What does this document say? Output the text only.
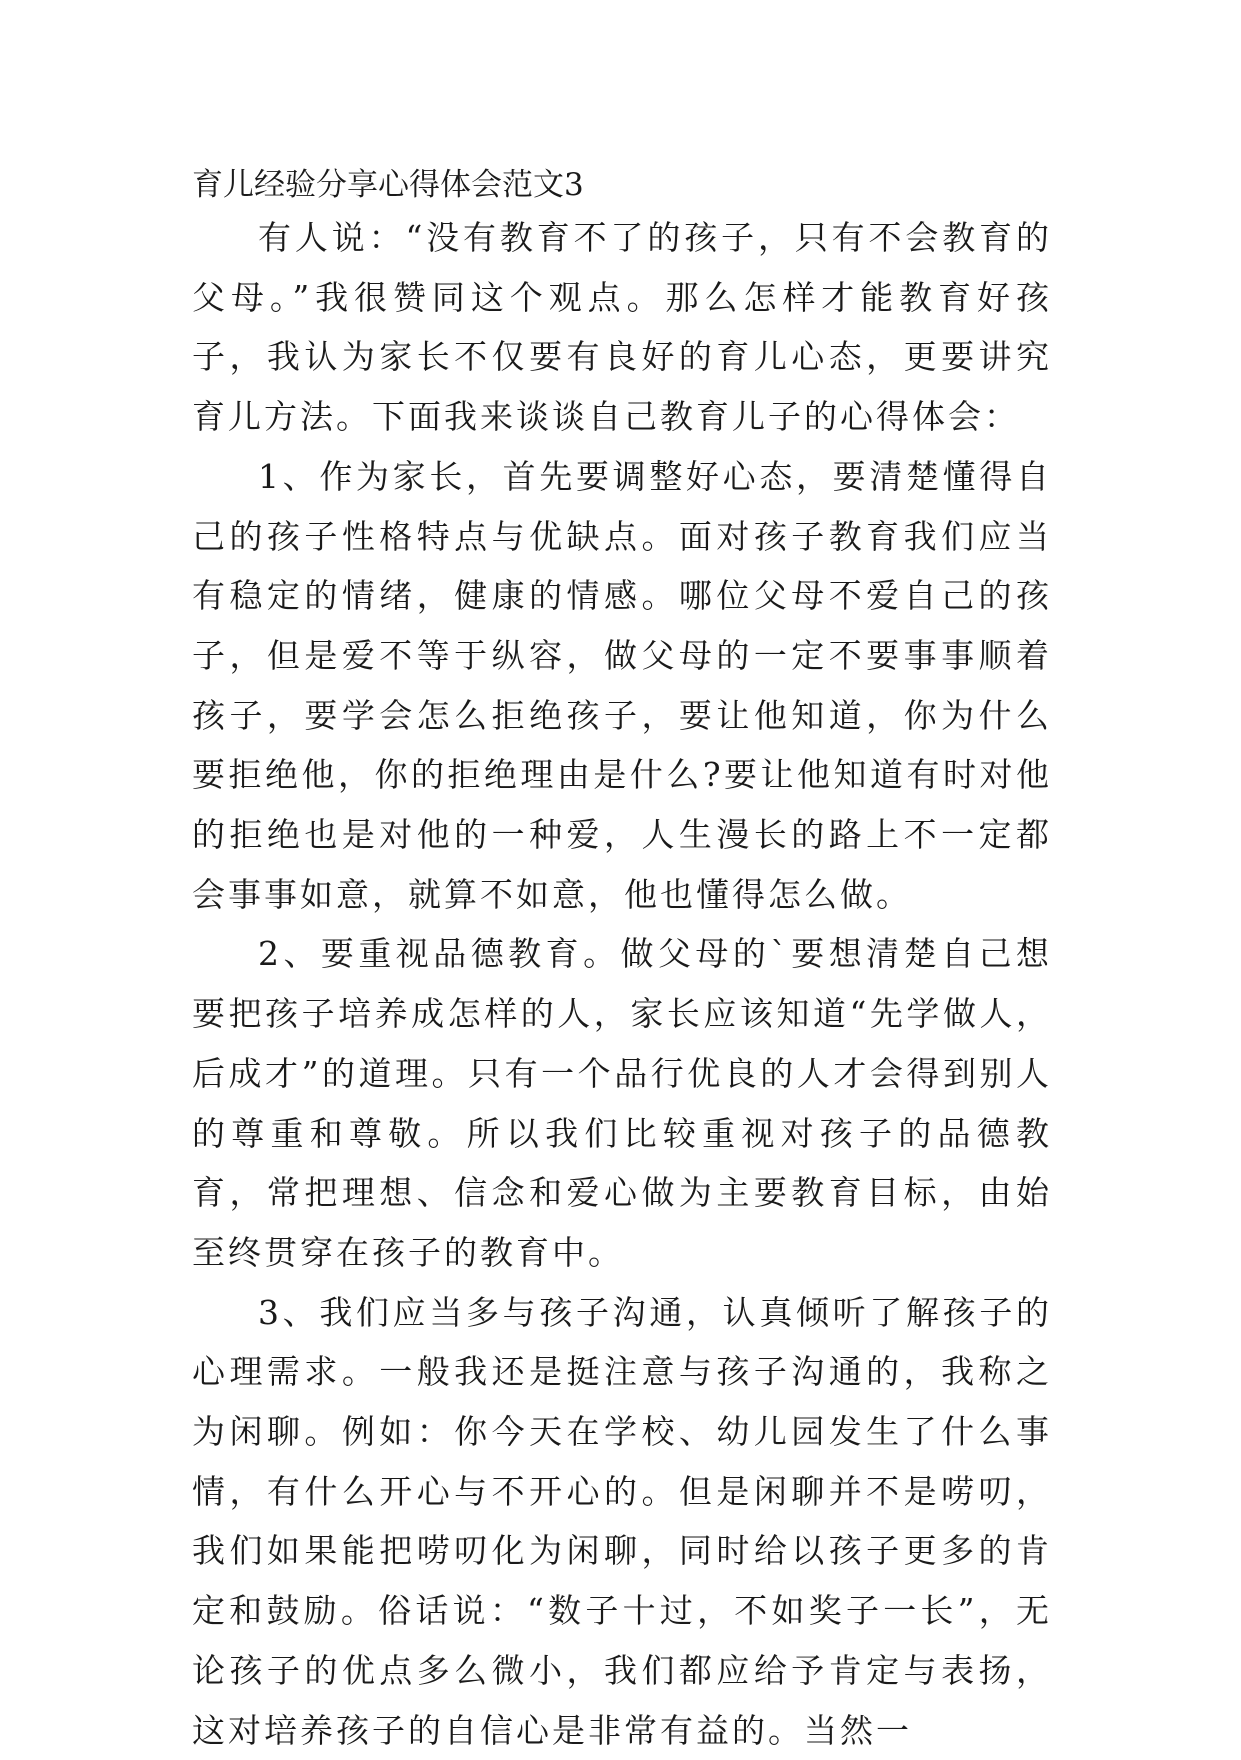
育儿经验分享心得体会范文3

有人说：“没有教育不了的孩子，只有不会教育的父母。”我很赞同这个观点。那么怎样才能教育好孩子，我认为家长不仅要有良好的育儿心态，更要讲究育儿方法。下面我来谈谈自己教育儿子的心得体会：

1、作为家长，首先要调整好心态，要清楚懂得自己的孩子性格特点与优缺点。面对孩子教育我们应当有稳定的情绪，健康的情感。哪位父母不爱自己的孩子，但是爱不等于纵容，做父母的一定不要事事顺着孩子，要学会怎么拒绝孩子，要让他知道，你为什么要拒绝他，你的拒绝理由是什么?要让他知道有时对他的拒绝也是对他的一种爱，人生漫长的路上不一定都会事事如意，就算不如意，他也懂得怎么做。

2、要重视品德教育。做父母的`要想清楚自己想要把孩子培养成怎样的人，家长应该知道“先学做人，后成才”的道理。只有一个品行优良的人才会得到别人的尊重和尊敬。所以我们比较重视对孩子的品德教育，常把理想、信念和爱心做为主要教育目标，由始至终贯穿在孩子的教育中。

3、我们应当多与孩子沟通，认真倾听了解孩子的心理需求。一般我还是挺注意与孩子沟通的，我称之为闲聊。例如：你今天在学校、幼儿园发生了什么事情，有什么开心与不开心的。但是闲聊并不是唠叨，我们如果能把唠叨化为闲聊，同时给以孩子更多的肯定和鼓励。俗话说：“数子十过，不如奖子一长”，无论孩子的优点多么微小，我们都应给予肯定与表扬，这对培养孩子的自信心是非常有益的。当然一
